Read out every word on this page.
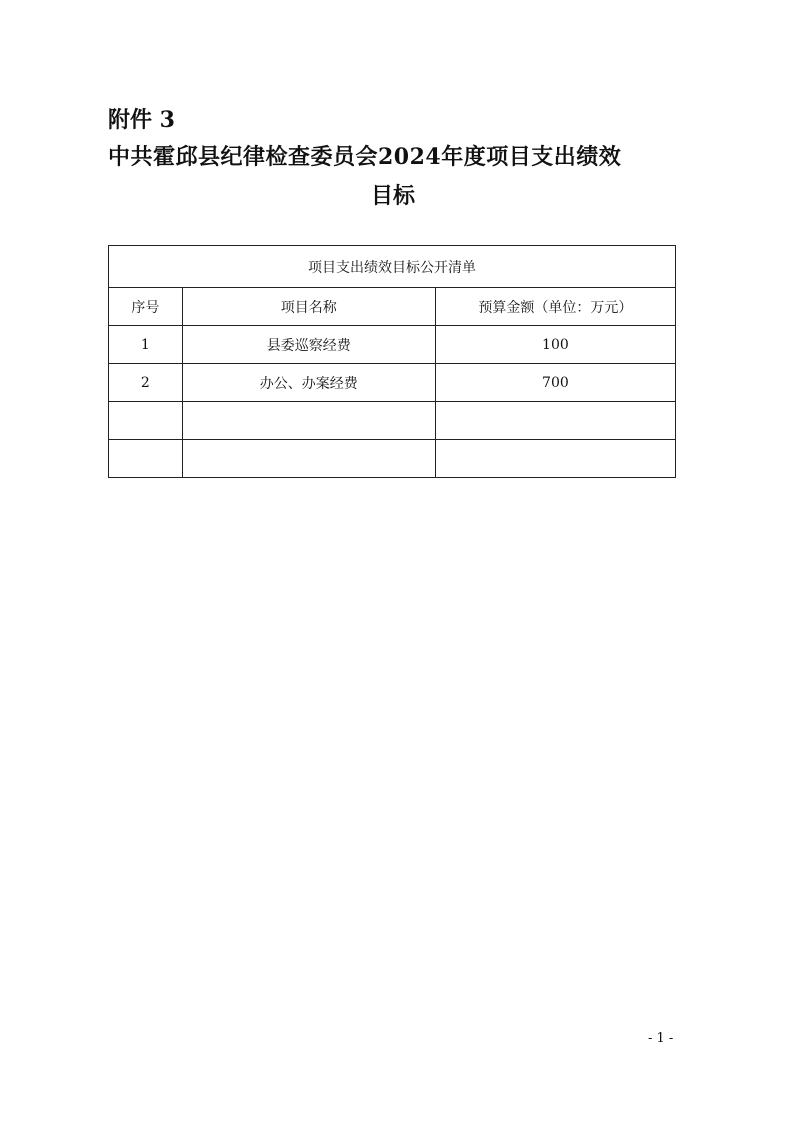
附件 3
中共霍邱县纪律检查委员会2024年度项目支出绩效
目标
项目支出绩效目标公开清单		
序号	项目名称	预算金额（单位：万元）
1	县委巡察经费	100
2	办公、办案经费	700

- 1 -
